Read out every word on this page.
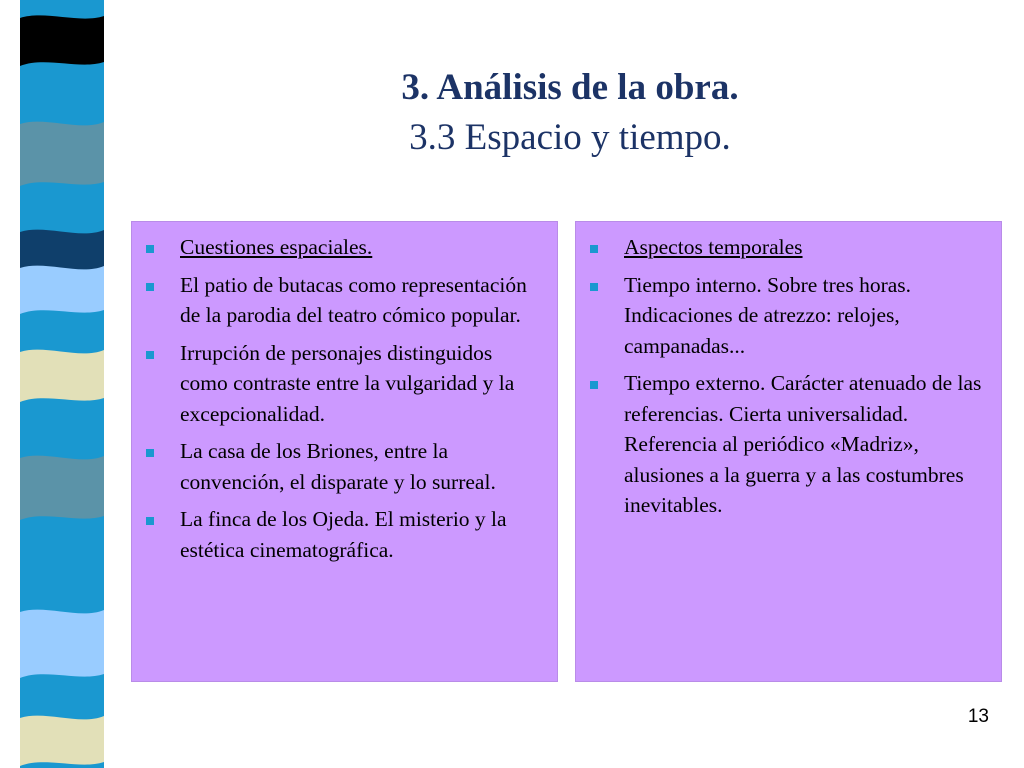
3. Análisis de la obra.
3.3 Espacio y tiempo.
Cuestiones espaciales.
El patio de butacas como representación de la parodia del teatro cómico popular.
Irrupción de personajes distinguidos como contraste entre la vulgaridad y la excepcionalidad.
La casa de los Briones, entre la convención, el disparate y lo surreal.
La finca de los Ojeda. El misterio y la estética cinematográfica.
Aspectos temporales
Tiempo interno. Sobre tres horas. Indicaciones de atrezzo: relojes, campanadas...
Tiempo externo. Carácter atenuado de las referencias. Cierta universalidad. Referencia al periódico «Madriz», alusiones a la guerra y a las costumbres inevitables.
13
